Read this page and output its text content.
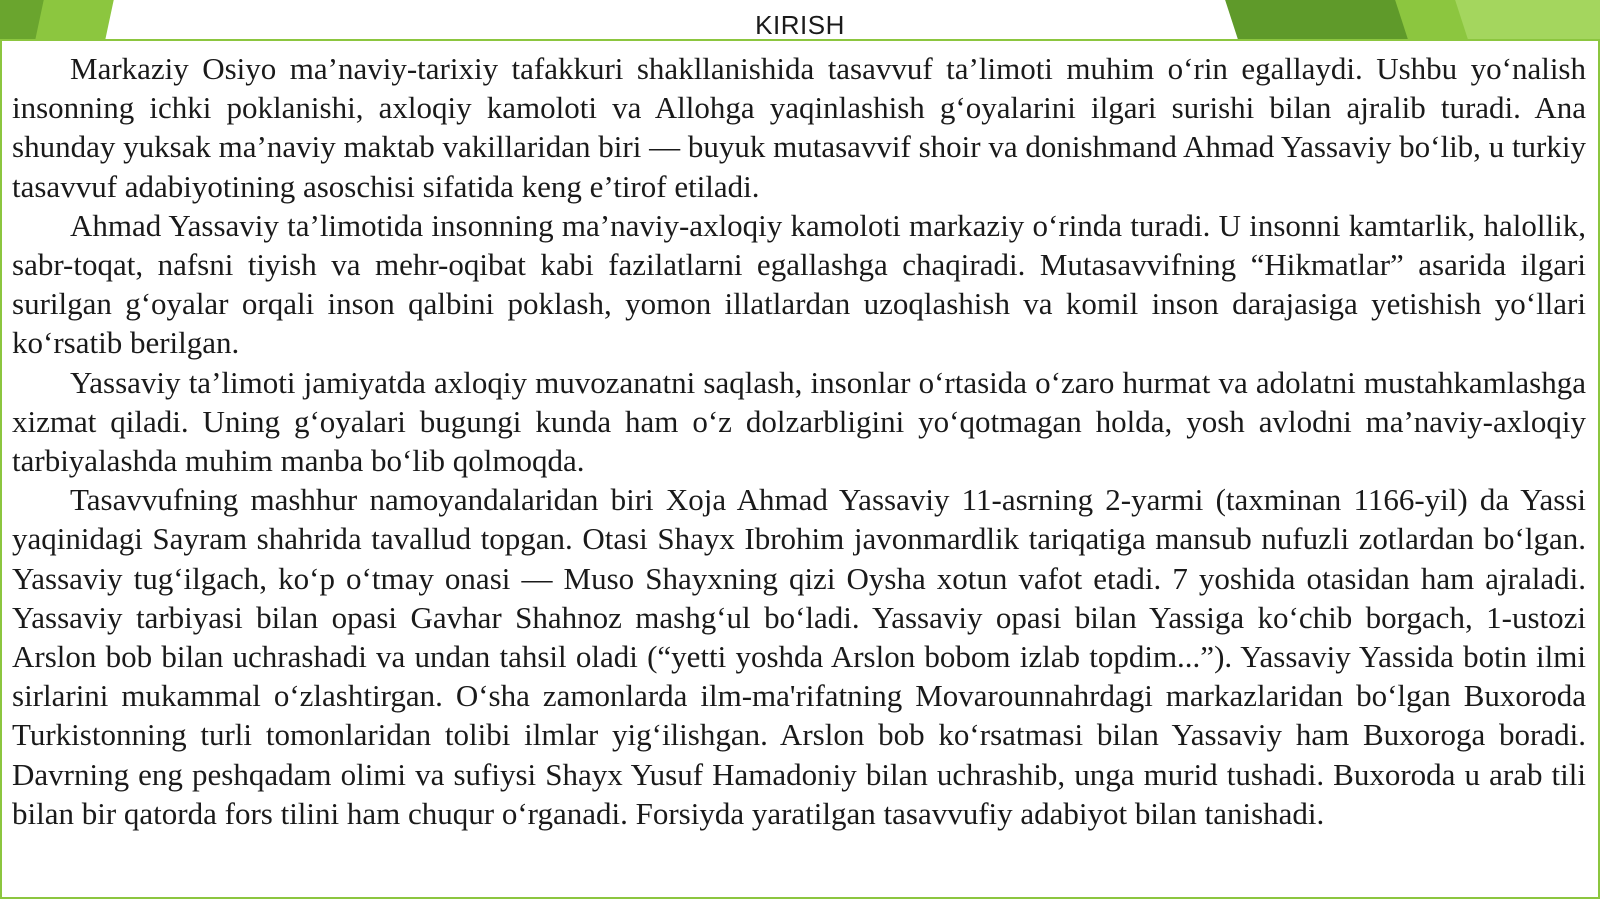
KIRISH

Markaziy Osiyo ma’naviy-tarixiy tafakkuri shakllanishida tasavvuf ta’limoti muhim o‘rin egallaydi. Ushbu yo‘nalish insonning ichki poklanishi, axloqiy kamoloti va Allohga yaqinlashish g‘oyalarini ilgari surishi bilan ajralib turadi. Ana shunday yuksak ma’naviy maktab vakillaridan biri — buyuk mutasavvif shoir va donishmand Ahmad Yassaviy bo‘lib, u turkiy tasavvuf adabiyotining asoschisi sifatida keng e’tirof etiladi.

Ahmad Yassaviy ta’limotida insonning ma’naviy-axloqiy kamoloti markaziy o‘rinda turadi. U insonni kamtarlik, halollik, sabr-toqat, nafsni tiyish va mehr-oqibat kabi fazilatlarni egallashga chaqiradi. Mutasavvifning “Hikmatlar” asarida ilgari surilgan g‘oyalar orqali inson qalbini poklash, yomon illatlardan uzoqlashish va komil inson darajasiga yetishish yo‘llari ko‘rsatib berilgan.

Yassaviy ta’limoti jamiyatda axloqiy muvozanatni saqlash, insonlar o‘rtasida o‘zaro hurmat va adolatni mustahkamlashga xizmat qiladi. Uning g‘oyalari bugungi kunda ham o‘z dolzarbligini yo‘qotmagan holda, yosh avlodni ma’naviy-axloqiy tarbiyalashda muhim manba bo‘lib qolmoqda.

Tasavvufning mashhur namoyandalaridan biri Xoja Ahmad Yassaviy 11-asrning 2-yarmi (taxminan 1166-yil) da Yassi yaqinidagi Sayram shahrida tavallud topgan. Otasi Shayx Ibrohim javonmardlik tariqatiga mansub nufuzli zotlardan bo‘lgan. Yassaviy tug‘ilgach, ko‘p o‘tmay onasi — Muso Shayxning qizi Oysha xotun vafot etadi. 7 yoshida otasidan ham ajraladi. Yassaviy tarbiyasi bilan opasi Gavhar Shahnoz mashg‘ul bo‘ladi. Yassaviy opasi bilan Yassiga ko‘chib borgach, 1-ustozi Arslon bob bilan uchrashadi va undan tahsil oladi (“yetti yoshda Arslon bobom izlab topdim...”). Yassaviy Yassida botin ilmi sirlarini mukammal o‘zlashtirgan. O‘sha zamonlarda ilm-ma'rifatning Movarounnahrdagi markazlaridan bo‘lgan Buxoroda Turkistonning turli tomonlaridan tolibi ilmlar yig‘ilishgan. Arslon bob ko‘rsatmasi bilan Yassaviy ham Buxoroga boradi. Davrning eng peshqadam olimi va sufiysi Shayx Yusuf Hamadoniy bilan uchrashib, unga murid tushadi. Buxoroda u arab tili bilan bir qatorda fors tilini ham chuqur o‘rganadi. Forsiyda yaratilgan tasavvufiy adabiyot bilan tanishadi.
